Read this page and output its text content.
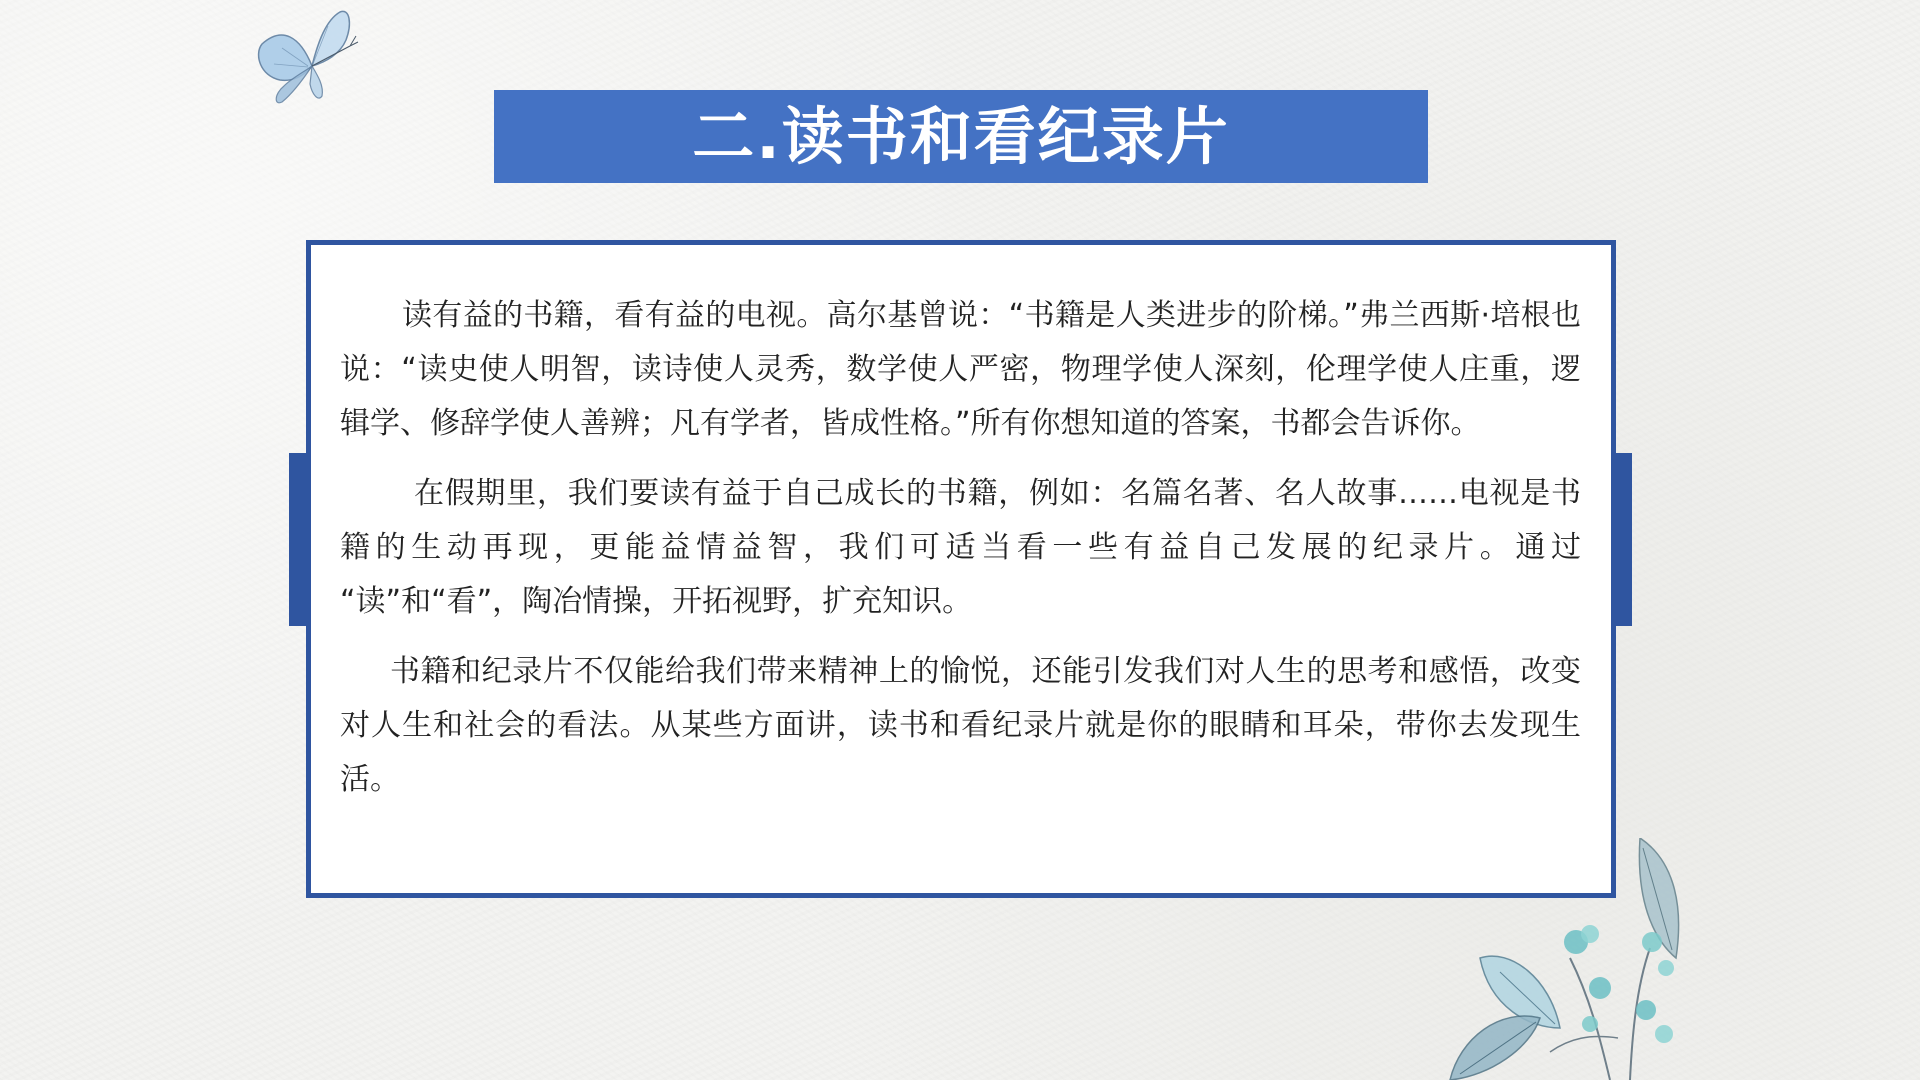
二.读书和看纪录片

读有益的书籍，看有益的电视。高尔基曾说：“书籍是人类进步的阶梯。”弗兰西斯·培根也说：“读史使人明智，读诗使人灵秀，数学使人严密，物理学使人深刻，伦理学使人庄重，逻辑学、修辞学使人善辨；凡有学者，皆成性格。”所有你想知道的答案，书都会告诉你。

在假期里，我们要读有益于自己成长的书籍，例如：名篇名著、名人故事……电视是书籍的生动再现，更能益情益智，我们可适当看一些有益自己发展的纪录片。通过 “读”和“看”，陶冶情操，开拓视野，扩充知识。

书籍和纪录片不仅能给我们带来精神上的愉悦，还能引发我们对人生的思考和感悟，改变对人生和社会的看法。从某些方面讲，读书和看纪录片就是你的眼睛和耳朵，带你去发现生活。
